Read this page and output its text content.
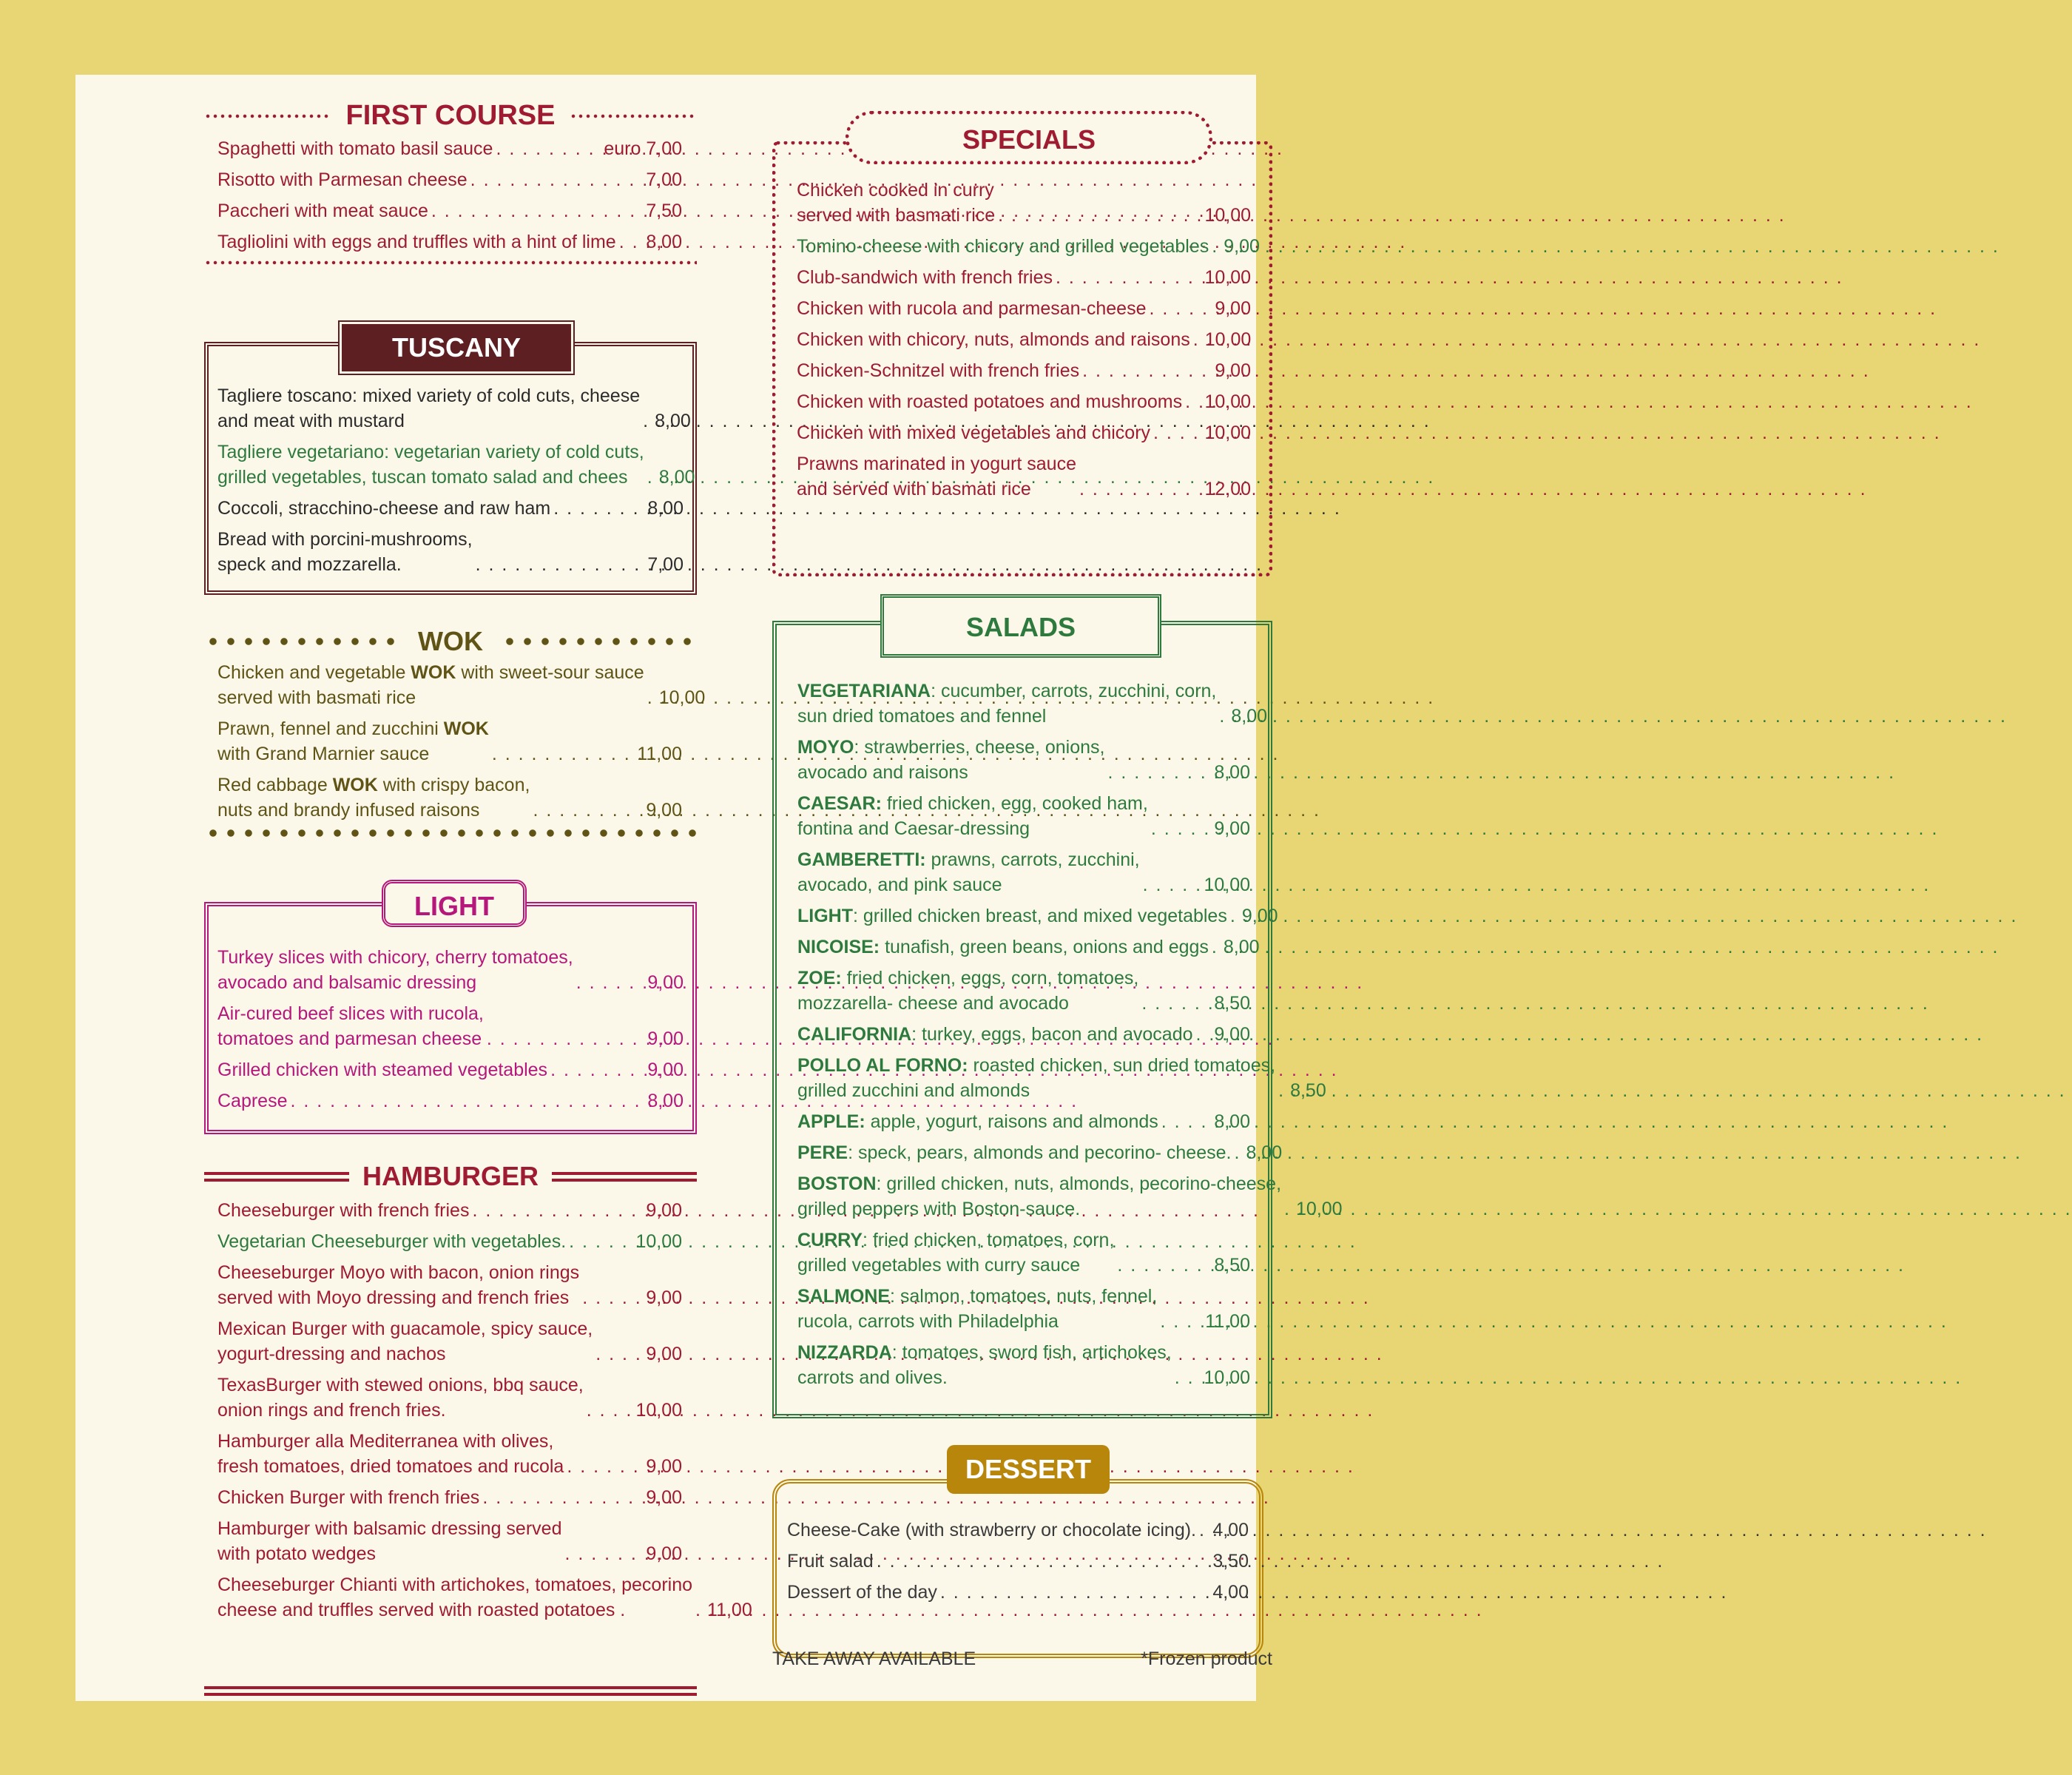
FIRST COURSE
Spaghetti with tomato basil sauce . . .	euro 7,00
Risotto with Parmesan cheese . . .	7,00
Paccheri with meat sauce . . .	7,50
Tagliolini with eggs and truffles with a hint of lime . . . 8,00
TUSCANY
Tagliere toscano: mixed variety of cold cuts, cheese
and meat with mustard . . .	8,00
Tagliere vegetariano: vegetarian variety of cold cuts,
grilled vegetables, tuscan tomato salad and chees . . .	8,00
Coccoli, stracchino-cheese and raw ham . . .	8,00
Bread with porcini-mushrooms,
speck and mozzarella. . . .	7,00
WOK
Chicken and vegetable WOK with sweet-sour sauce
served with basmati rice . . .	10,00
Prawn, fennel and zucchini WOK
with Grand Marnier sauce . . .	11,00
Red cabbage WOK with crispy bacon,
nuts and brandy infused raisons . . .	9,00
LIGHT
Turkey slices with chicory, cherry tomatoes,
avocado and balsamic dressing . . .	9,00
Air-cured beef slices with rucola,
tomatoes and parmesan cheese . . .	9,00
Grilled chicken with steamed vegetables . . .	9,00
Caprese . . .	8,00
HAMBURGER
Cheeseburger with french fries . . .	9,00
Vegetarian Cheeseburger with vegetables. . . .	10,00
Cheeseburger Moyo with bacon, onion rings
served with Moyo dressing and french fries . . .	9,00
Mexican Burger with guacamole, spicy sauce,
yogurt-dressing and nachos . . .	9,00
TexasBurger with stewed onions, bbq sauce,
onion rings and french fries. . . .	10,00
Hamburger alla Mediterranea with olives,
fresh tomatoes, dried tomatoes and rucola . . .	9,00
Chicken Burger with french fries . . .	9,00
Hamburger with balsamic dressing served
with potato wedges . . .	9,00
Cheeseburger Chianti with artichokes, tomatoes, pecorino
cheese and truffles served with roasted potatoes . . . .	11,00
SPECIALS
Chicken cooked in curry
served with basmati rice . . .	10,00
Tomino-cheese with chicory and grilled vegetables . . . 9,00
Club-sandwich with french fries . . .	10,00
Chicken with rucola and parmesan-cheese . . .	9,00
Chicken with chicory, nuts, almonds and raisons . . . 10,00
Chicken-Schnitzel with french fries . . .	9,00
Chicken with roasted potatoes and mushrooms . . . 10,00
Chicken with mixed vegetables and chicory . . .	10,00
Prawns marinated in yogurt sauce
and served with basmati rice . . .	12,00
SALADS
VEGETARIANA: cucumber, carrots, zucchini, corn,
sun dried tomatoes and fennel . . .	8,00
MOYO: strawberries, cheese, onions,
avocado and raisons . . .	8,00
CAESAR: fried chicken, egg, cooked ham,
fontina and Caesar-dressing . . .	9,00
GAMBERETTI: prawns, carrots, zucchini,
avocado, and pink sauce . . .	10,00
LIGHT: grilled chicken breast, and mixed vegetables . . . 9,00
NICOISE: tunafish, green beans, onions and eggs . . . 8,00
ZOE: fried chicken, eggs, corn, tomatoes,
mozzarella- cheese and avocado . . .	8,50
CALIFORNIA: turkey, eggs, bacon and avocado . . . 9,00
POLLO AL FORNO: roasted chicken, sun dried tomatoes,
grilled zucchini and almonds . . .	8,50
APPLE: apple, yogurt, raisons and almonds . . .	8,00
PERE: speck, pears, almonds and pecorino- cheese. . . . 8,00
BOSTON: grilled chicken, nuts, almonds, pecorino-cheese,
grilled peppers with Boston-sauce. . . .	10,00
CURRY: fried chicken, tomatoes, corn,
grilled vegetables with curry sauce . . .	8,50
SALMONE: salmon, tomatoes, nuts, fennel,
rucola, carrots with Philadelphia . . .	11,00
NIZZARDA: tomatoes, sword fish, artichokes,
carrots and olives. . . .	10,00
DESSERT
Cheese-Cake (with strawberry or chocolate icing). . . . 4,00
Fruit salad . . .	3,50
Dessert of the day . . .	4,00
TAKE AWAY AVAILABLE	*Frozen product
